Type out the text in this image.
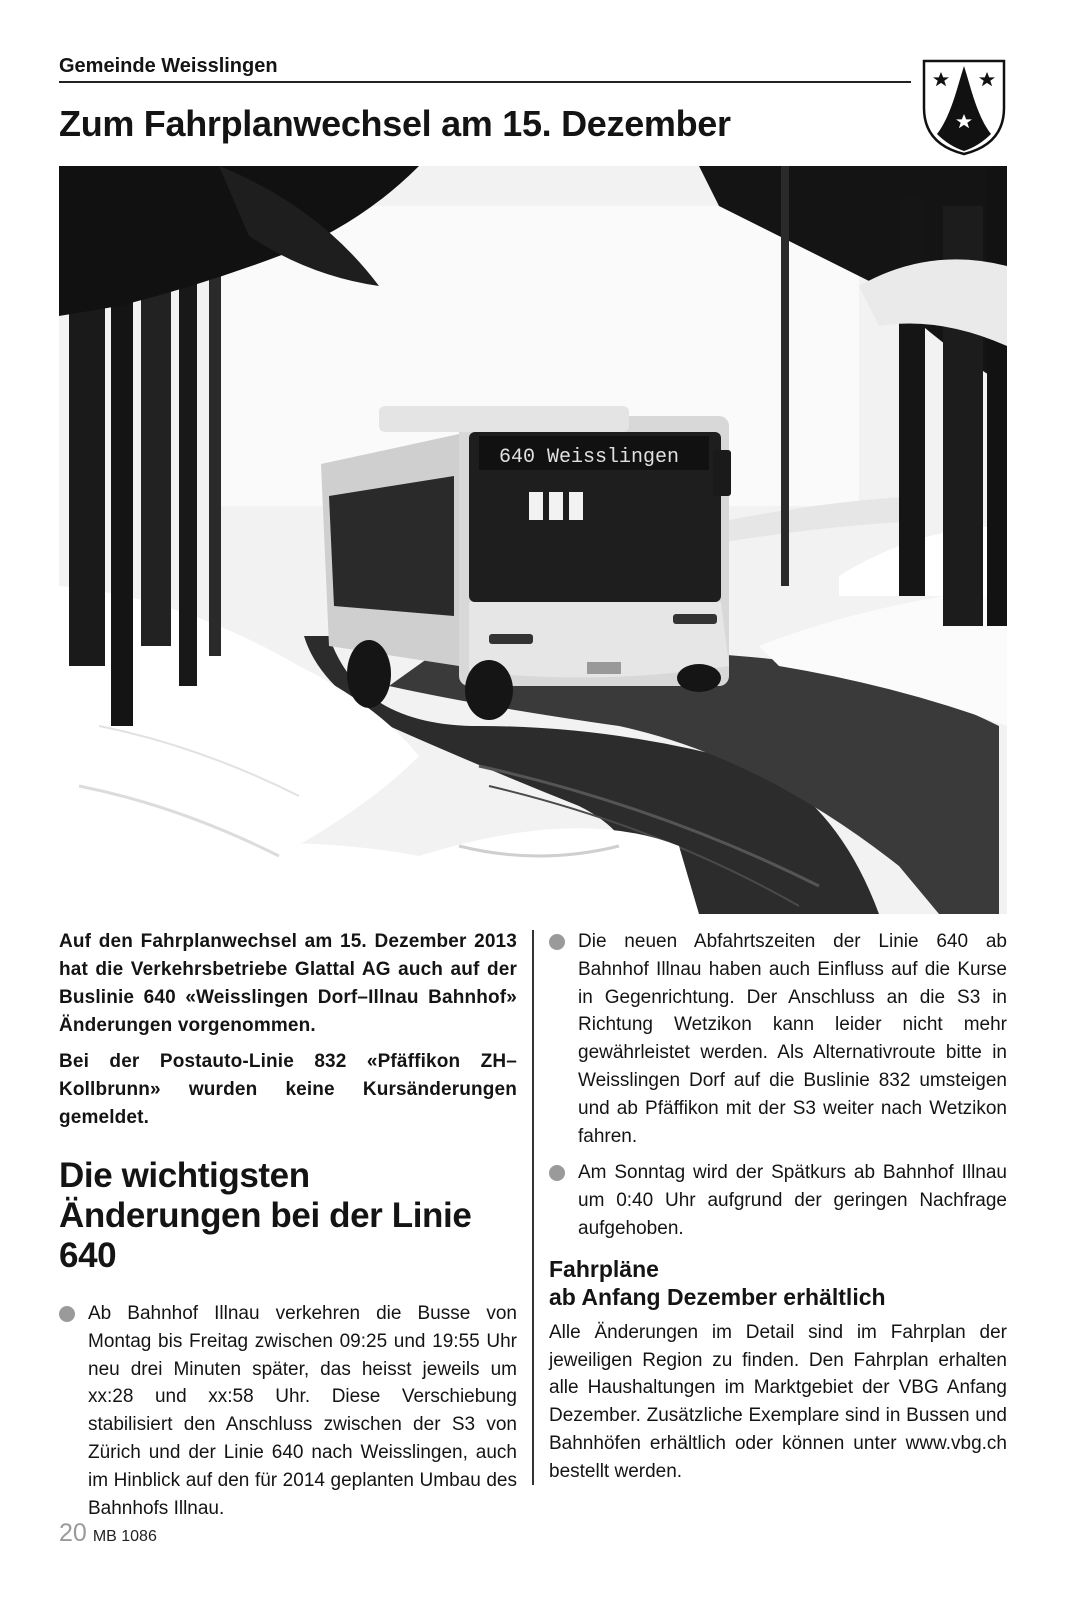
Gemeinde Weisslingen
Zum Fahrplanwechsel am 15. Dezember
640 Weisslingen

Auf den Fahrplanwechsel am 15. Dezember 2013 hat die Verkehrsbetriebe Glattal AG auch auf der Buslinie 640 «Weisslingen Dorf–Illnau Bahnhof» Änderungen vorgenommen.

Bei der Postauto-Linie 832 «Pfäffikon ZH–Kollbrunn» wurden keine Kursänderungen gemeldet.

Die wichtigsten Änderungen bei der Linie 640
Ab Bahnhof Illnau verkehren die Busse von Montag bis Freitag zwischen 09:25 und 19:55 Uhr neu drei Minuten später, das heisst jeweils um xx:28 und xx:58 Uhr. Diese Verschiebung stabilisiert den Anschluss zwischen der S3 von Zürich und der Linie 640 nach Weisslingen, auch im Hinblick auf den für 2014 geplanten Umbau des Bahnhofs Illnau.
Die neuen Abfahrtszeiten der Linie 640 ab Bahnhof Illnau haben auch Einfluss auf die Kurse in Gegenrichtung. Der Anschluss an die S3 in Richtung Wetzikon kann leider nicht mehr gewährleistet werden. Als Alternativroute bitte in Weisslingen Dorf auf die Buslinie 832 umsteigen und ab Pfäffikon mit der S3 weiter nach Wetzikon fahren.
Am Sonntag wird der Spätkurs ab Bahnhof Illnau um 0:40 Uhr aufgrund der geringen Nachfrage aufgehoben.
Fahrpläne
ab Anfang Dezember erhältlich

Alle Änderungen im Detail sind im Fahrplan der jeweiligen Region zu finden. Den Fahrplan erhalten alle Haushaltungen im Marktgebiet der VBG Anfang Dezember. Zusätzliche Exemplare sind in Bussen und Bahnhöfen erhältlich oder können unter www.vbg.ch bestellt werden.

20 MB 1086
